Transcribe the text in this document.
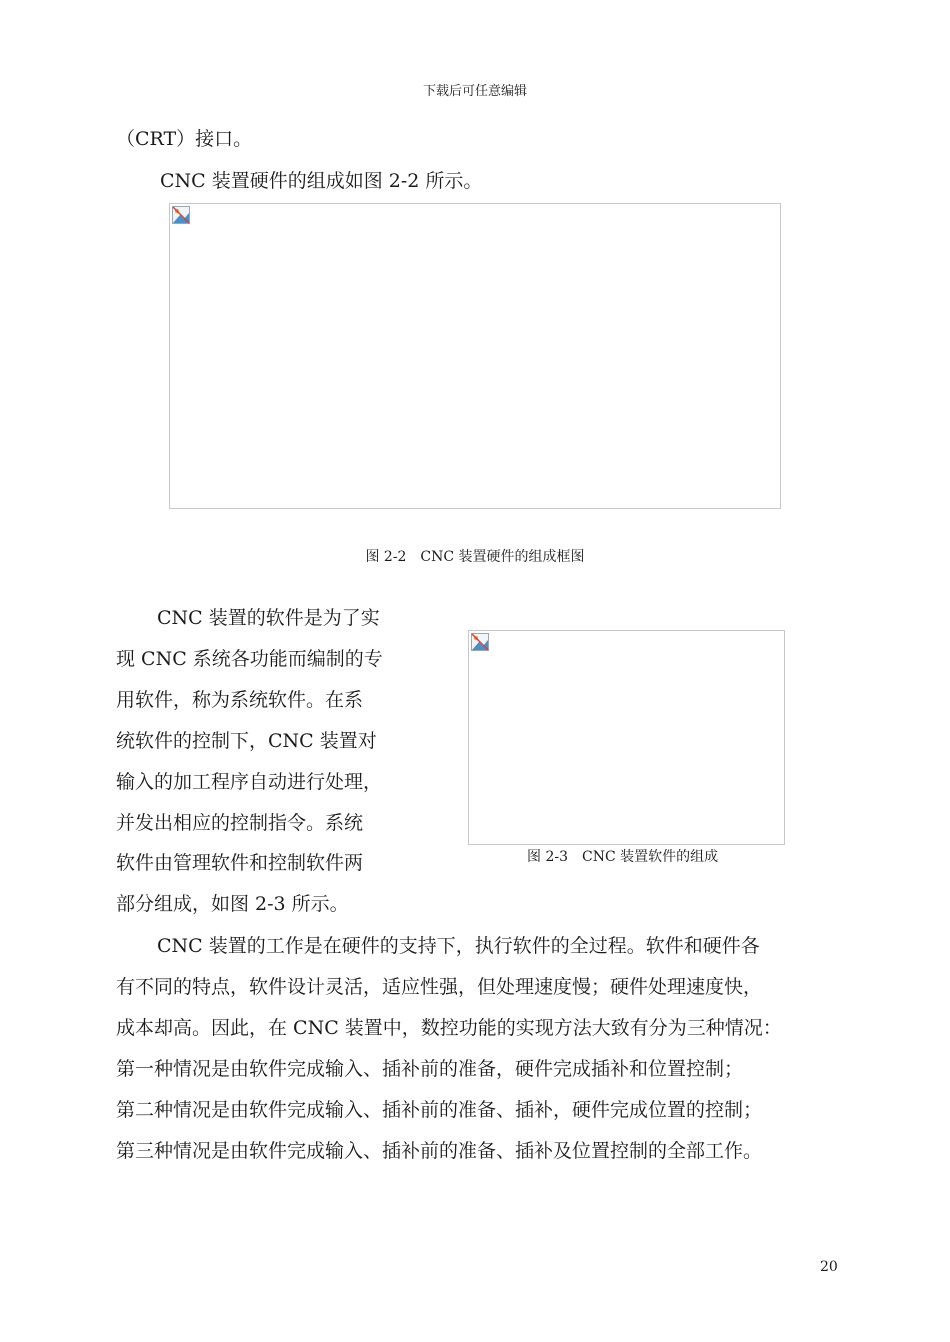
下载后可任意编辑
（CRT）接口。
CNC 装置硬件的组成如图 2-2 所示。
图 2-2　CNC 装置硬件的组成框图
CNC 装置的软件是为了实
现 CNC 系统各功能而编制的专
用软件，称为系统软件。在系
统软件的控制下，CNC 装置对
输入的加工程序自动进行处理，
并发出相应的控制指令。系统
软件由管理软件和控制软件两
部分组成，如图 2-3 所示。
图 2-3　CNC 装置软件的组成
CNC 装置的工作是在硬件的支持下，执行软件的全过程。软件和硬件各
有不同的特点，软件设计灵活，适应性强，但处理速度慢；硬件处理速度快，
成本却高。因此，在 CNC 装置中，数控功能的实现方法大致有分为三种情况：
第一种情况是由软件完成输入、插补前的准备，硬件完成插补和位置控制；
第二种情况是由软件完成输入、插补前的准备、插补，硬件完成位置的控制；
第三种情况是由软件完成输入、插补前的准备、插补及位置控制的全部工作。
20
